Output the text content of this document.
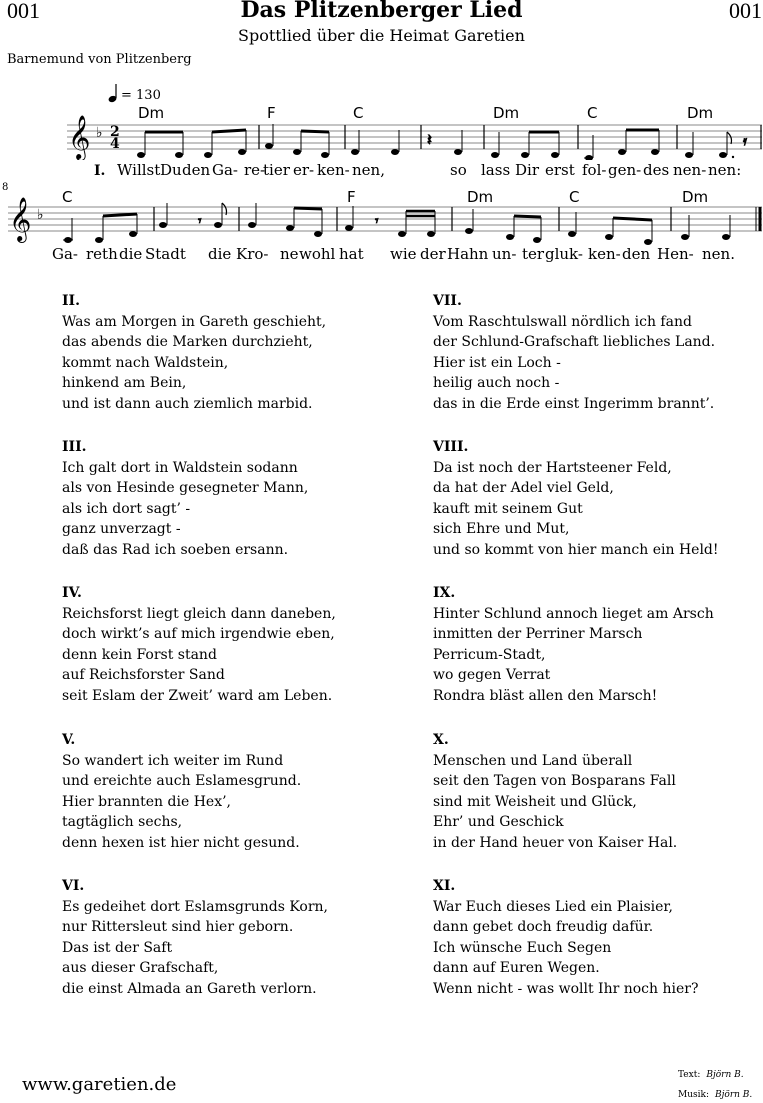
001	Das Plitzenberger Lied	001
Spottlied über die Heimat Garetien
Barnemund von Plitzenberg
= 130
𝄞 ♭ 2
4	𝄽	𝄿
Dm	F	C	Dm	C	Dm
I. Willst Du den Ga- re-
tier er- ken- nen,	so lass Dir erst fol- gen- des nen- nen:
8
𝄞 ♭	𝄾	𝄾
C	F	Dm	C	Dm
Ga- reth die Stadt die Kro- ne wohl hat wie der Hahn un- ter gluk- ken- den Hen- nen.
II.
Was am Morgen in Gareth geschieht,
das abends die Marken durchzieht,
kommt nach Waldstein,
hinkend am Bein,
und ist dann auch ziemlich marbid.
III.
Ich galt dort in Waldstein sodann
als von Hesinde gesegneter Mann,
als ich dort sagt’ -
ganz unverzagt -
daß das Rad ich soeben ersann.
IV.
Reichsforst liegt gleich dann daneben,
doch wirkt’s auf mich irgendwie eben,
denn kein Forst stand
auf Reichsforster Sand
seit Eslam der Zweit’ ward am Leben.
V.
So wandert ich weiter im Rund
und ereichte auch Eslamesgrund.
Hier brannten die Hex’,
tagtäglich sechs,
denn hexen ist hier nicht gesund.
VI.
Es gedeihet dort Eslamsgrunds Korn,
nur Rittersleut sind hier geborn.
Das ist der Saft
aus dieser Grafschaft,
die einst Almada an Gareth verlorn.
VII.
Vom Raschtulswall nördlich ich fand
der Schlund-Grafschaft liebliches Land.
Hier ist ein Loch -
heilig auch noch -
das in die Erde einst Ingerimm brannt’.
VIII.
Da ist noch der Hartsteener Feld,
da hat der Adel viel Geld,
kauft mit seinem Gut
sich Ehre und Mut,
und so kommt von hier manch ein Held!
IX.
Hinter Schlund annoch lieget am Arsch
inmitten der Perriner Marsch
Perricum-Stadt,
wo gegen Verrat
Rondra bläst allen den Marsch!
X.
Menschen und Land überall
seit den Tagen von Bosparans Fall
sind mit Weisheit und Glück,
Ehr’ und Geschick
in der Hand heuer von Kaiser Hal.
XI.
War Euch dieses Lied ein Plaisier,
dann gebet doch freudig dafür.
Ich wünsche Euch Segen
dann auf Euren Wegen.
Wenn nicht - was wollt Ihr noch hier?
www.garetien.de	Text: Björn B.
Musik: Björn B.
